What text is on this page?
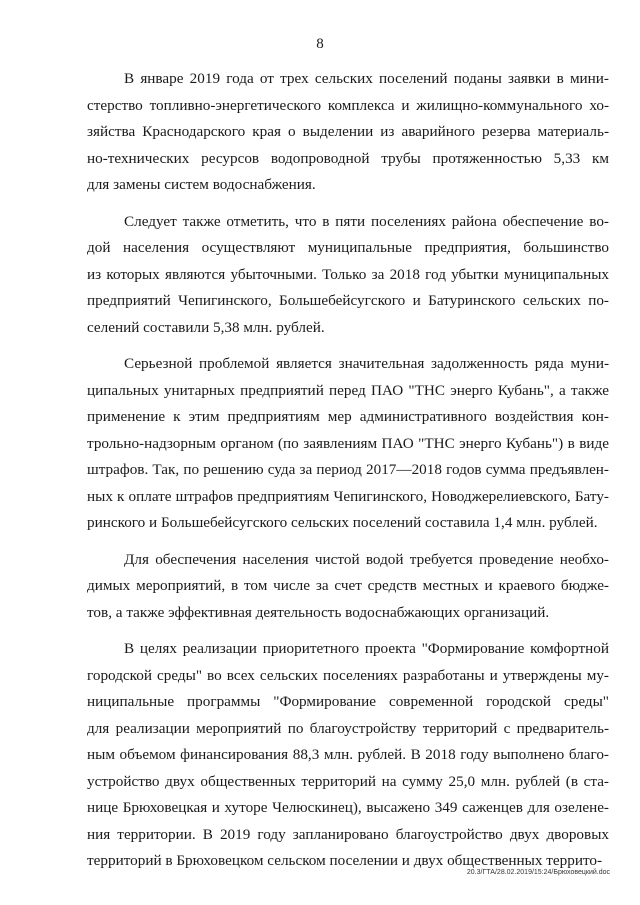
8
В январе 2019 года от трех сельских поселений поданы заявки в мини-
стерство топливно-энергетического комплекса и жилищно-коммунального хо-
зяйства Краснодарского края о выделении из аварийного резерва материаль-
но-технических ресурсов водопроводной трубы протяженностью 5,33 км
для замены систем водоснабжения.
Следует также отметить, что в пяти поселениях района обеспечение во-
дой населения осуществляют муниципальные предприятия, большинство
из которых являются убыточными. Только за 2018 год убытки муниципальных
предприятий Чепигинского, Большебейсугского и Батуринского сельских по-
селений составили 5,38 млн. рублей.
Серьезной проблемой является значительная задолженность ряда муни-
ципальных унитарных предприятий перед ПАО "ТНС энерго Кубань", а также
применение к этим предприятиям мер административного воздействия кон-
трольно-надзорным органом (по заявлениям ПАО "ТНС энерго Кубань") в виде
штрафов. Так, по решению суда за период 2017—2018 годов сумма предъявлен-
ных к оплате штрафов предприятиям Чепигинского, Новоджерелиевского, Бату-
ринского и Большебейсугского сельских поселений составила 1,4 млн. рублей.
Для обеспечения населения чистой водой требуется проведение необхо-
димых мероприятий, в том числе за счет средств местных и краевого бюдже-
тов, а также эффективная деятельность водоснабжающих организаций.
В целях реализации приоритетного проекта "Формирование комфортной
городской среды" во всех сельских поселениях разработаны и утверждены му-
ниципальные программы "Формирование современной городской среды"
для реализации мероприятий по благоустройству территорий с предваритель-
ным объемом финансирования 88,3 млн. рублей. В 2018 году выполнено благо-
устройство двух общественных территорий на сумму 25,0 млн. рублей (в ста-
нице Брюховецкая и хуторе Челюскинец), высажено 349 саженцев для озелене-
ния территории. В 2019 году запланировано благоустройство двух дворовых
территорий в Брюховецком сельском поселении и двух общественных террито-
20.3/ГТА/28.02.2019/15:24/Брюховецкий.doc
